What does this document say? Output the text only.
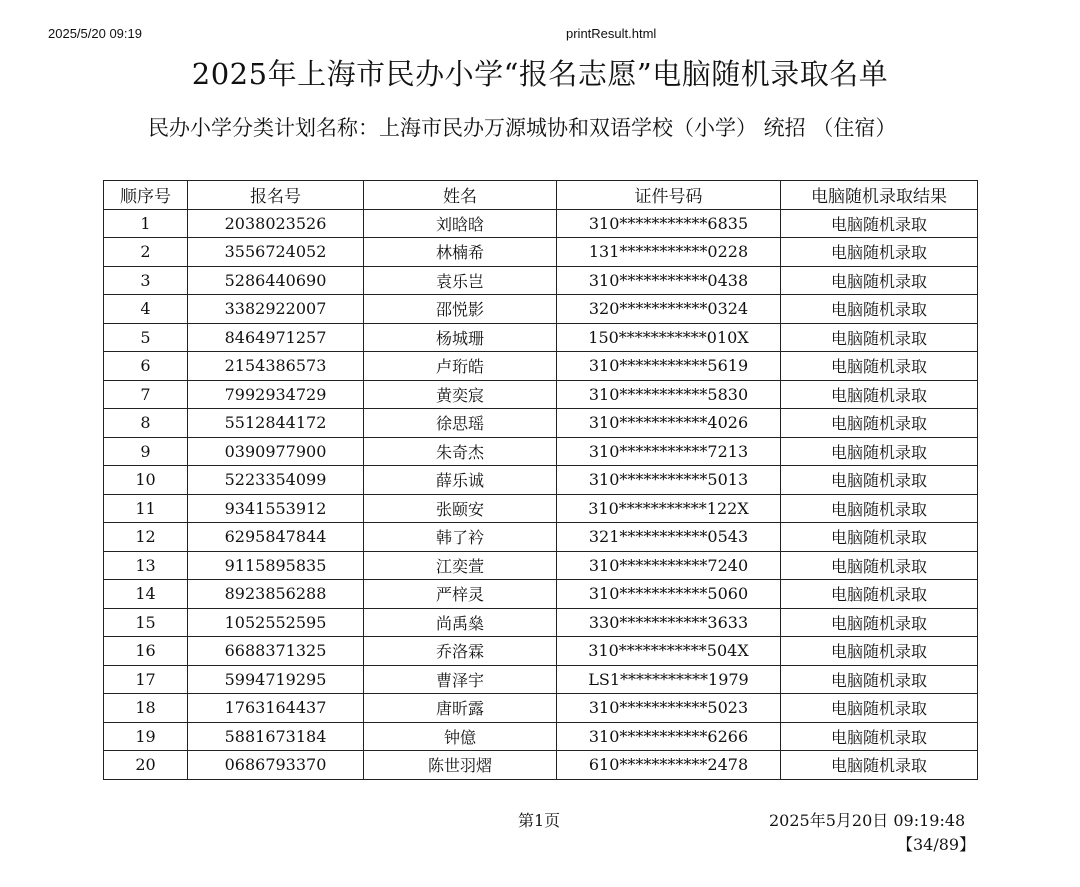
2025/5/20 09:19	printResult.html
2025年上海市民办小学“报名志愿”电脑随机录取名单
民办小学分类计划名称：上海市民办万源城协和双语学校（小学） 统招 （住宿）
顺序号	报名号	姓名	证件号码	电脑随机录取结果
1	2038023526	刘晗晗	310***********6835	电脑随机录取
2	3556724052	林楠希	131***********0228	电脑随机录取
3	5286440690	袁乐岂	310***********0438	电脑随机录取
4	3382922007	邵悦影	320***********0324	电脑随机录取
5	8464971257	杨城珊	150***********010X	电脑随机录取
6	2154386573	卢珩皓	310***********5619	电脑随机录取
7	7992934729	黄奕宸	310***********5830	电脑随机录取
8	5512844172	徐思瑶	310***********4026	电脑随机录取
9	0390977900	朱奇杰	310***********7213	电脑随机录取
10	5223354099	薛乐诚	310***********5013	电脑随机录取
11	9341553912	张颐安	310***********122X	电脑随机录取
12	6295847844	韩了衿	321***********0543	电脑随机录取
13	9115895835	江奕萱	310***********7240	电脑随机录取
14	8923856288	严梓灵	310***********5060	电脑随机录取
15	1052552595	尚禹燊	330***********3633	电脑随机录取
16	6688371325	乔洛霖	310***********504X	电脑随机录取
17	5994719295	曹泽宇	LS1***********1979	电脑随机录取
18	1763164437	唐昕露	310***********5023	电脑随机录取
19	5881673184	钟億	310***********6266	电脑随机录取
20	0686793370	陈世羽熠	610***********2478	电脑随机录取
第1页	2025年5月20日 09:19:48
【34/89】
